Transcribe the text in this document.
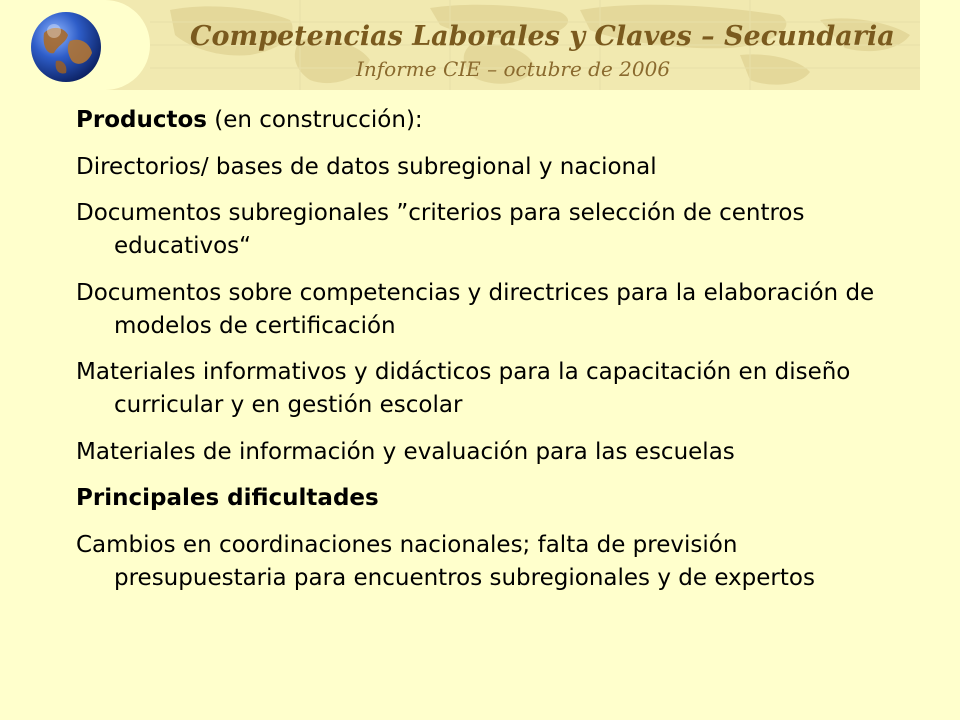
Competencias Laborales y Claves – Secundaria
Informe CIE – octubre de 2006

Productos (en construcción):

Directorios/ bases de datos subregional y nacional

Documentos subregionales ”criterios para selección de centros educativos“

Documentos sobre competencias y directrices para la elaboración de modelos de certificación

Materiales informativos y didácticos para la capacitación en diseño curricular y en gestión escolar

Materiales de información y evaluación para las escuelas

Principales dificultades

Cambios en coordinaciones nacionales; falta de previsión presupuestaria para encuentros subregionales y de expertos
